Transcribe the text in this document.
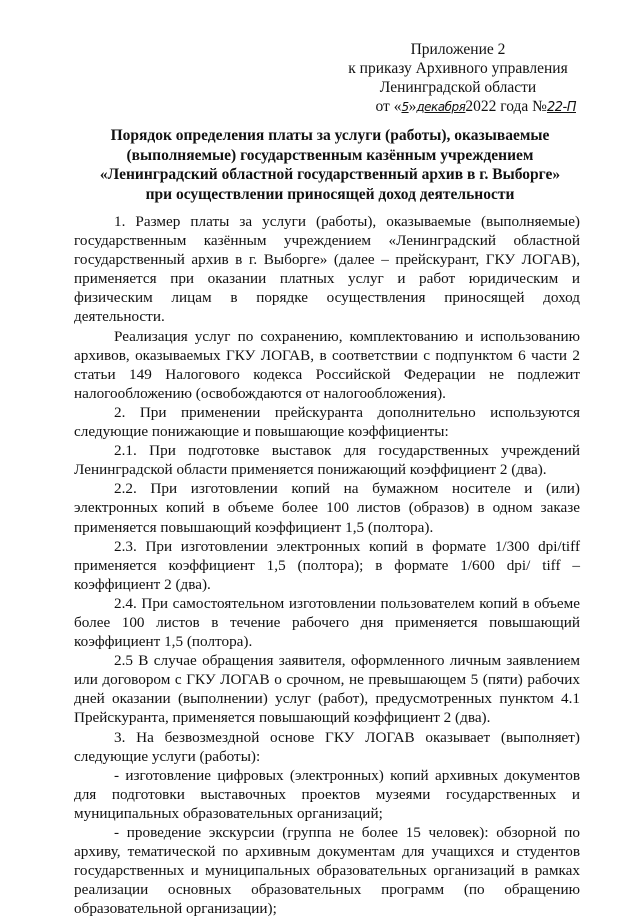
Приложение 2
к приказу Архивного управления
Ленинградской области
от «5»декабря2022 года №22-П
Порядок определения платы за услуги (работы), оказываемые
(выполняемые) государственным казённым учреждением
«Ленинградский областной государственный архив в г. Выборге»
при осуществлении приносящей доход деятельности

1. Размер платы за услуги (работы), оказываемые (выполняемые) государственным казённым учреждением «Ленинградский областной государственный архив в г. Выборге» (далее – прейскурант, ГКУ ЛОГАВ), применяется при оказании платных услуг и работ юридическим и физическим лицам в порядке осуществления приносящей доход деятельности.

Реализация услуг по сохранению, комплектованию и использованию архивов, оказываемых ГКУ ЛОГАВ, в соответствии с подпунктом 6 части 2 статьи 149 Налогового кодекса Российской Федерации не подлежит налогообложению (освобождаются от налогообложения).

2. При применении прейскуранта дополнительно используются следующие понижающие и повышающие коэффициенты:

2.1. При подготовке выставок для государственных учреждений Ленинградской области применяется понижающий коэффициент 2 (два).

2.2. При изготовлении копий на бумажном носителе и (или) электронных копий в объеме более 100 листов (образов) в одном заказе применяется повышающий коэффициент 1,5 (полтора).

2.3. При изготовлении электронных копий в формате 1/300 dpi/tiff применяется коэффициент 1,5 (полтора); в формате 1/600 dpi/ tiff – коэффициент 2 (два).

2.4. При самостоятельном изготовлении пользователем копий в объеме более 100 листов в течение рабочего дня применяется повышающий коэффициент 1,5 (полтора).

2.5 В случае обращения заявителя, оформленного личным заявлением или договором с ГКУ ЛОГАВ о срочном, не превышающем 5 (пяти) рабочих дней оказании (выполнении) услуг (работ), предусмотренных пунктом 4.1 Прейскуранта, применяется повышающий коэффициент 2 (два).

3. На безвозмездной основе ГКУ ЛОГАВ оказывает (выполняет) следующие услуги (работы):

- изготовление цифровых (электронных) копий архивных документов для подготовки выставочных проектов музеями государственных и муниципальных образовательных организаций;

- проведение экскурсии (группа не более 15 человек): обзорной по архиву, тематической по архивным документам для учащихся и студентов государственных и муниципальных образовательных организаций в рамках реализации основных образовательных программ (по обращению образовательной организации);
